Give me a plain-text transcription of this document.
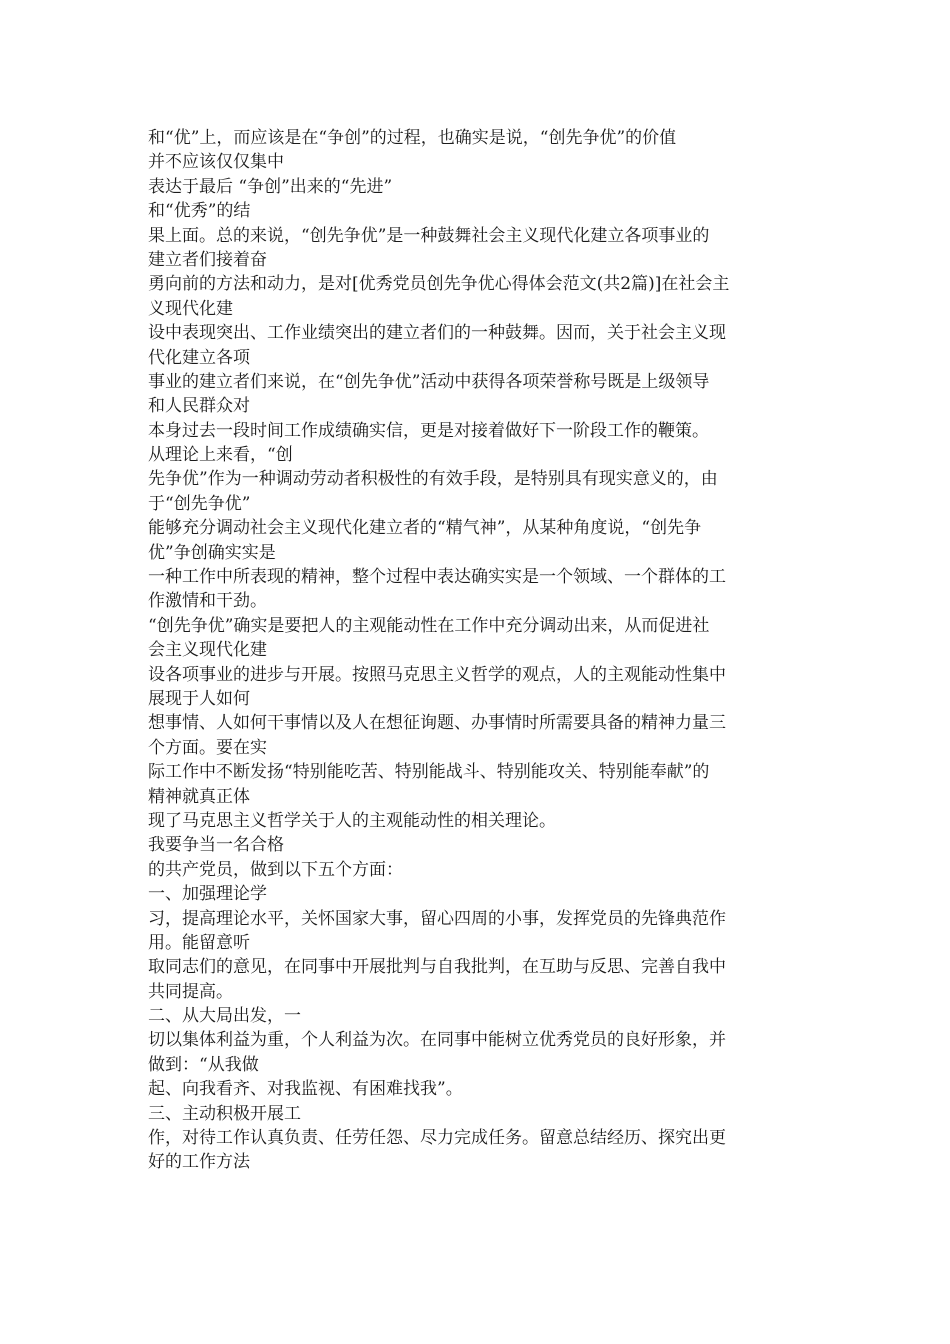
和“优”上，而应该是在“争创”的过程，也确实是说，“创先争优”的价值
并不应该仅仅集中
表达于最后 “争创”出来的“先进”
和“优秀”的结
果上面。总的来说，“创先争优”是一种鼓舞社会主义现代化建立各项事业的
建立者们接着奋
勇向前的方法和动力，是对[优秀党员创先争优心得体会范文(共2篇)]在社会主
义现代化建
设中表现突出、工作业绩突出的建立者们的一种鼓舞。因而，关于社会主义现
代化建立各项
事业的建立者们来说，在“创先争优”活动中获得各项荣誉称号既是上级领导
和人民群众对
本身过去一段时间工作成绩确实信，更是对接着做好下一阶段工作的鞭策。
从理论上来看，“创
先争优”作为一种调动劳动者积极性的有效手段，是特别具有现实意义的，由
于“创先争优”
能够充分调动社会主义现代化建立者的“精气神”，从某种角度说，“创先争
优”争创确实实是
一种工作中所表现的精神，整个过程中表达确实实是一个领域、一个群体的工
作激情和干劲。
“创先争优”确实是要把人的主观能动性在工作中充分调动出来，从而促进社
会主义现代化建
设各项事业的进步与开展。按照马克思主义哲学的观点，人的主观能动性集中
展现于人如何
想事情、人如何干事情以及人在想征询题、办事情时所需要具备的精神力量三
个方面。要在实
际工作中不断发扬“特别能吃苦、特别能战斗、特别能攻关、特别能奉献”的
精神就真正体
现了马克思主义哲学关于人的主观能动性的相关理论。
我要争当一名合格
的共产党员，做到以下五个方面：
一、加强理论学
习，提高理论水平，关怀国家大事，留心四周的小事，发挥党员的先锋典范作
用。能留意听
取同志们的意见，在同事中开展批判与自我批判，在互助与反思、完善自我中
共同提高。
二、从大局出发，一
切以集体利益为重，个人利益为次。在同事中能树立优秀党员的良好形象，并
做到：“从我做
起、向我看齐、对我监视、有困难找我”。
三、主动积极开展工
作，对待工作认真负责、任劳任怨、尽力完成任务。留意总结经历、探究出更
好的工作方法
